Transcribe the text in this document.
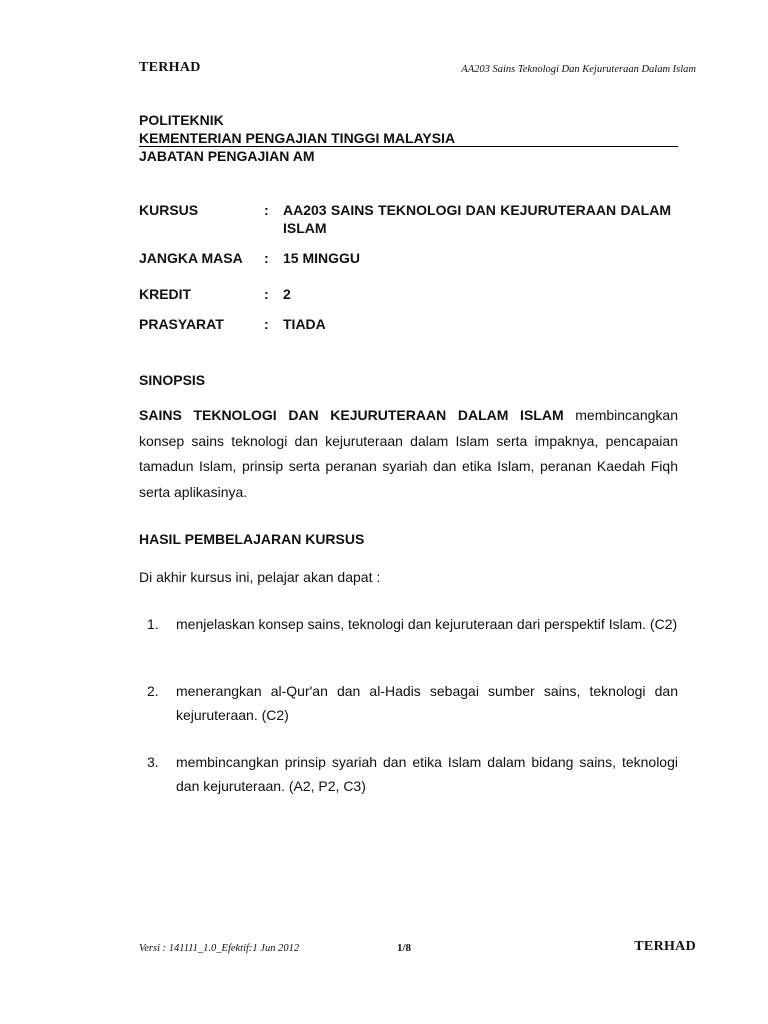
TERHAD	AA203 Sains Teknologi Dan Kejuruteraan Dalam Islam
POLITEKNIK
KEMENTERIAN PENGAJIAN TINGGI MALAYSIA
JABATAN PENGAJIAN AM
KURSUS	: AA203 SAINS TEKNOLOGI DAN KEJURUTERAAN DALAM ISLAM
JANGKA MASA : 15 MINGGU
KREDIT	: 2
PRASYARAT	: TIADA
SINOPSIS
SAINS TEKNOLOGI DAN KEJURUTERAAN DALAM ISLAM membincangkan konsep sains teknologi dan kejuruteraan dalam Islam serta impaknya, pencapaian tamadun Islam, prinsip serta peranan syariah dan etika Islam, peranan Kaedah Fiqh serta aplikasinya.
HASIL PEMBELAJARAN KURSUS
Di akhir kursus ini, pelajar akan dapat :
1. menjelaskan konsep sains, teknologi dan kejuruteraan dari perspektif Islam. (C2)
2. menerangkan al-Qur'an dan al-Hadis sebagai sumber sains, teknologi dan kejuruteraan. (C2)
3. membincangkan prinsip syariah dan etika Islam dalam bidang sains, teknologi dan kejuruteraan. (A2, P2, C3)
Versi : 141111_1.0_Efektif:1 Jun 2012	1/8	TERHAD
